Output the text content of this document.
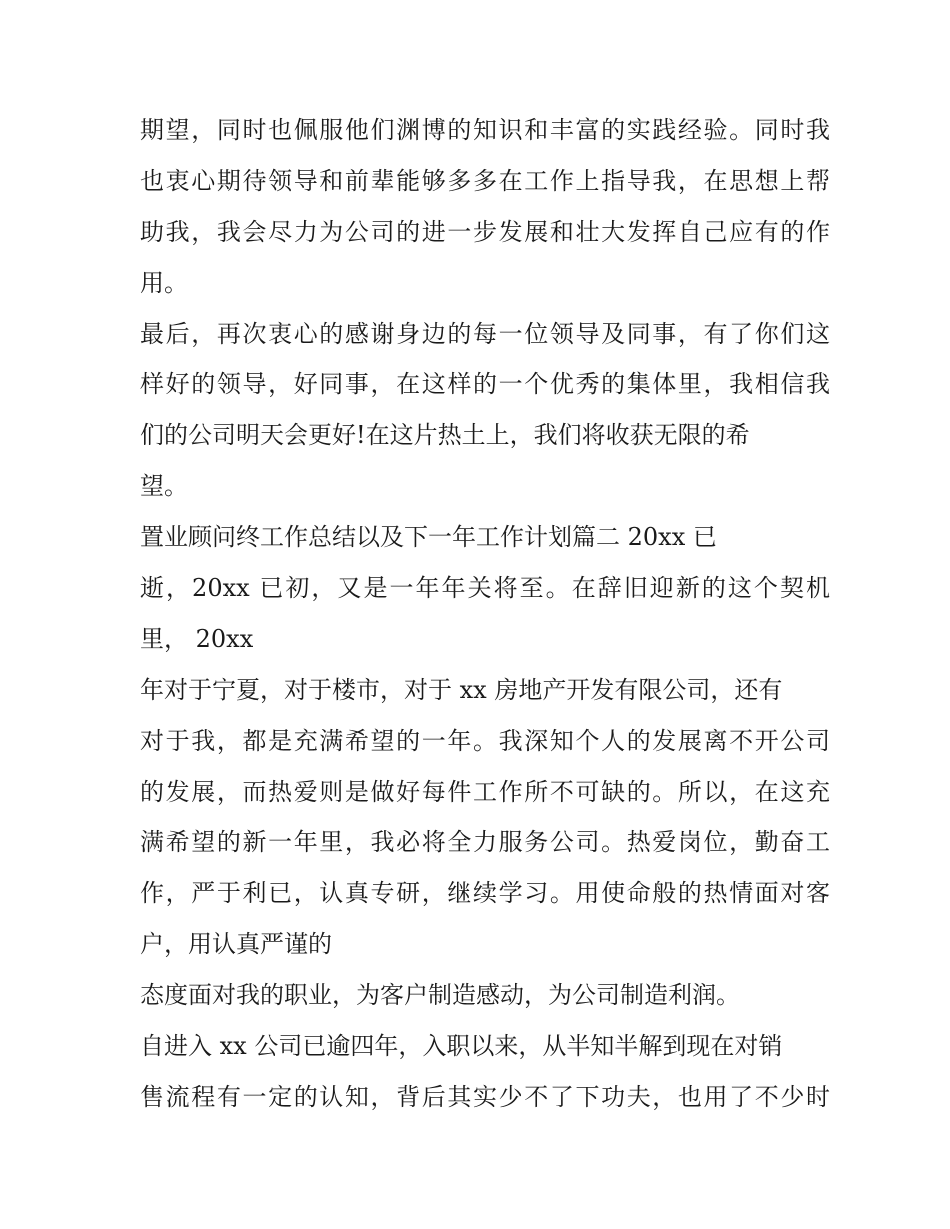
期望，同时也佩服他们渊博的知识和丰富的实践经验。同时我
也衷心期待领导和前辈能够多多在工作上指导我，在思想上帮
助我，我会尽力为公司的进一步发展和壮大发挥自己应有的作
用。
最后，再次衷心的感谢身边的每一位领导及同事，有了你们这
样好的领导，好同事，在这样的一个优秀的集体里，我相信我
们的公司明天会更好!在这片热土上，我们将收获无限的希
望。
置业顾问终工作总结以及下一年工作计划篇二 20xx 已
逝，20xx 已初，又是一年年关将至。在辞旧迎新的这个契机
里， 20xx
年对于宁夏，对于楼市，对于 xx 房地产开发有限公司，还有
对于我，都是充满希望的一年。我深知个人的发展离不开公司
的发展，而热爱则是做好每件工作所不可缺的。所以，在这充
满希望的新一年里，我必将全力服务公司。热爱岗位，勤奋工
作，严于利已，认真专研，继续学习。用使命般的热情面对客
户，用认真严谨的
态度面对我的职业，为客户制造感动，为公司制造利润。
自进入 xx 公司已逾四年，入职以来，从半知半解到现在对销
售流程有一定的认知，背后其实少不了下功夫，也用了不少时
